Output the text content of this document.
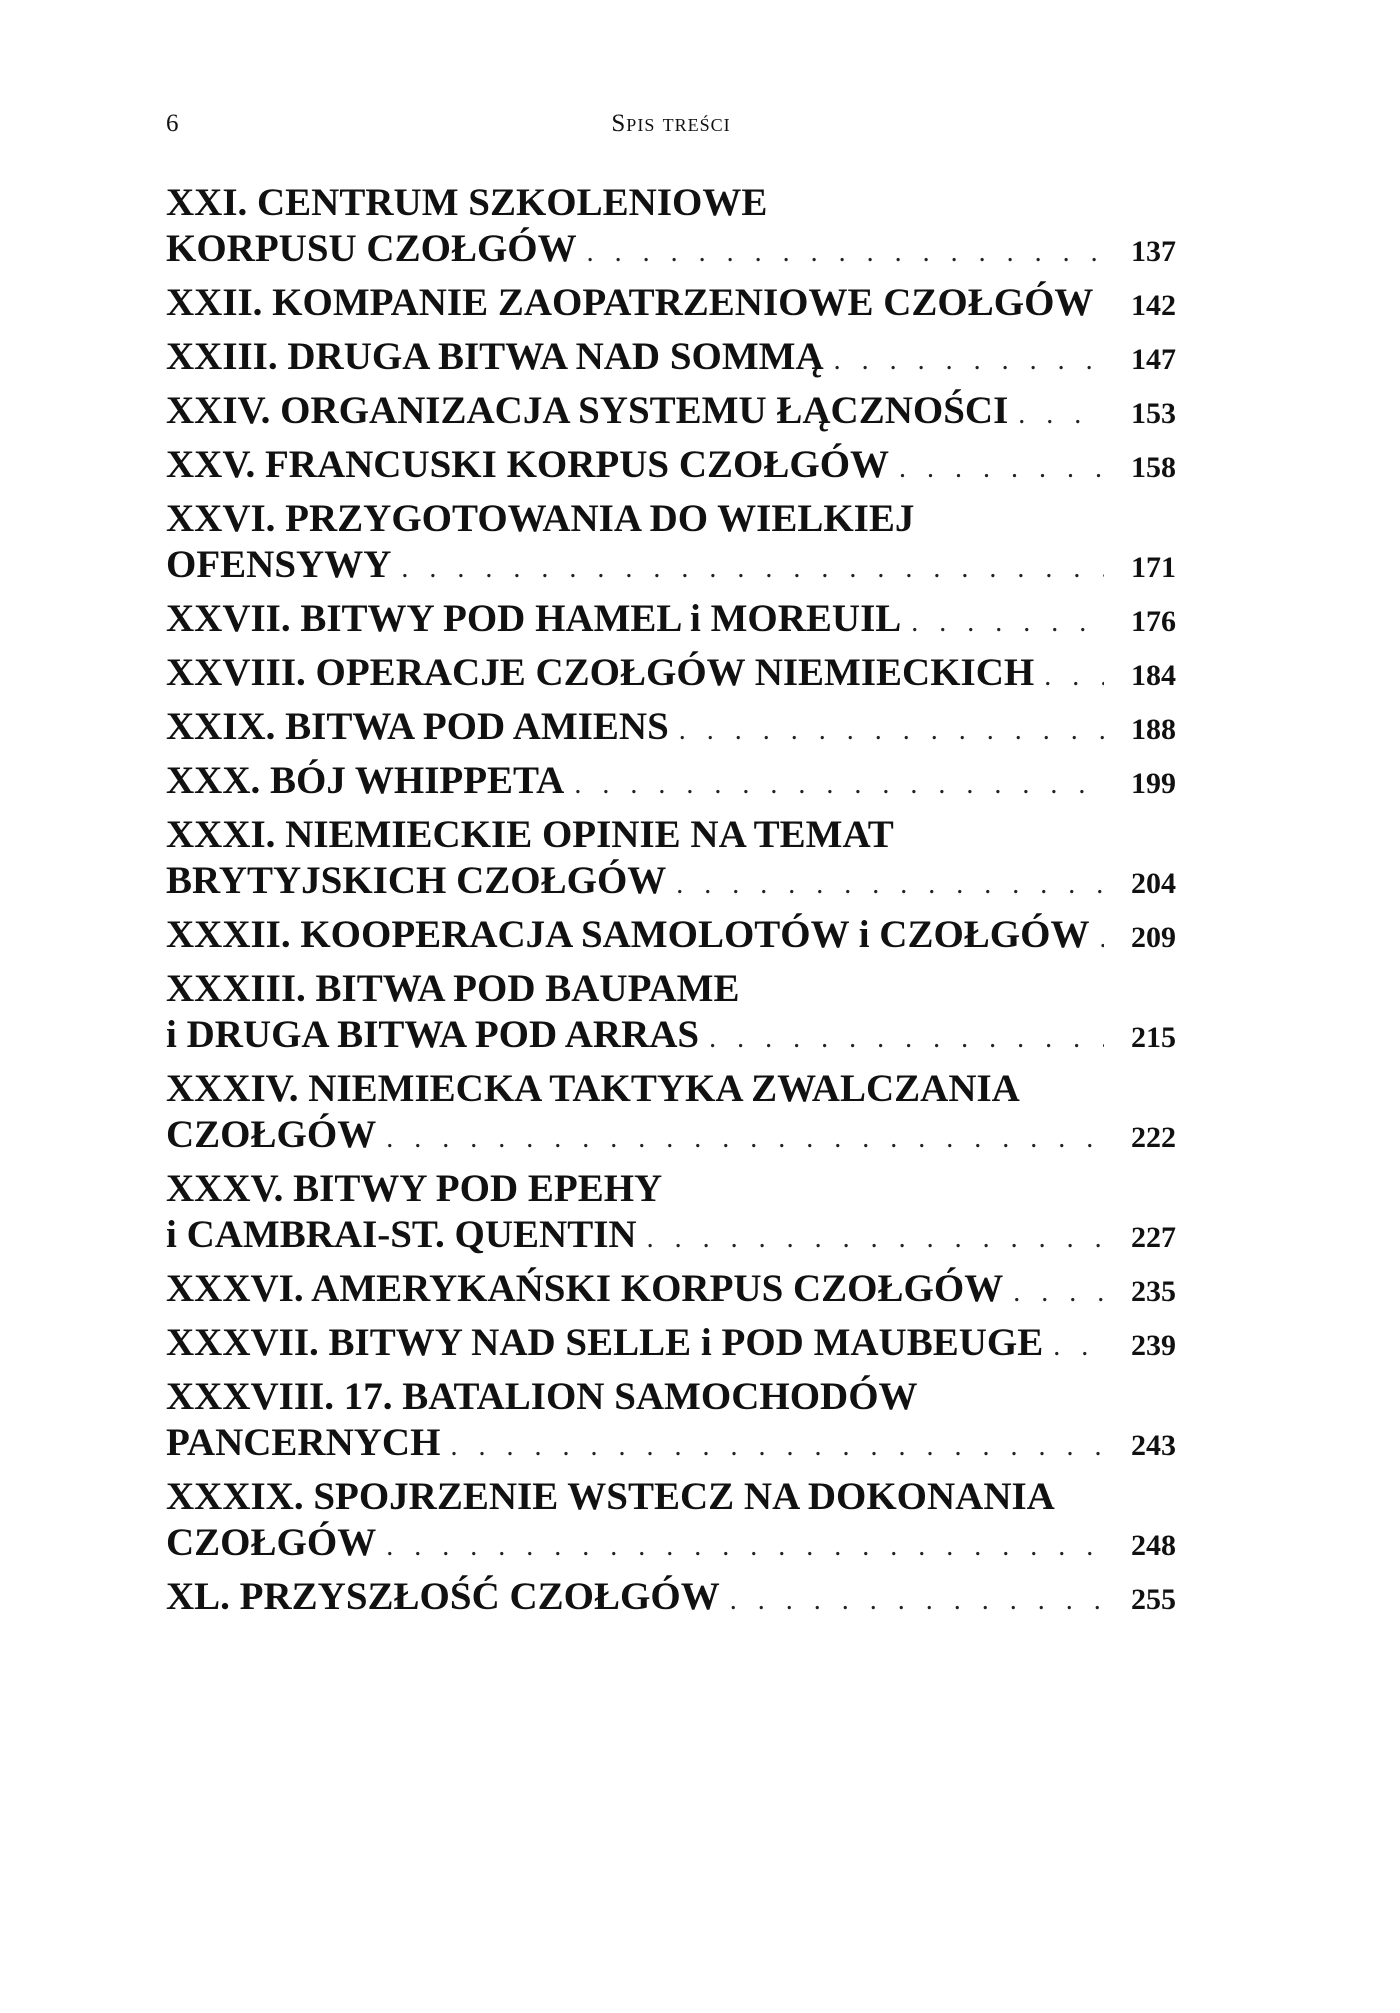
6	Spis treści
XXI. CENTRUM SZKOLENIOWE
KORPUSU CZOŁGÓW . . .	137
XXII. KOMPANIE ZAOPATRZENIOWE CZOŁGÓW . . .	142
XXIII. DRUGA BITWA NAD SOMMĄ . . .	147
XXIV. ORGANIZACJA SYSTEMU ŁĄCZNOŚCI . . .	153
XXV. FRANCUSKI KORPUS CZOŁGÓW . . .	158
XXVI. PRZYGOTOWANIA DO WIELKIEJ
OFENSYWY . . .	171
XXVII. BITWY POD HAMEL i MOREUIL . . .	176
XXVIII. OPERACJE CZOŁGÓW NIEMIECKICH . . .	184
XXIX. BITWA POD AMIENS . . .	188
XXX. BÓJ WHIPPETA . . .	199
XXXI. NIEMIECKIE OPINIE NA TEMAT
BRYTYJSKICH CZOŁGÓW . . .	204
XXXII. KOOPERACJA SAMOLOTÓW i CZOŁGÓW . . .	209
XXXIII. BITWA POD BAUPAME
i DRUGA BITWA POD ARRAS . . .	215
XXXIV. NIEMIECKA TAKTYKA ZWALCZANIA
CZOŁGÓW . . .	222
XXXV. BITWY POD EPEHY
i CAMBRAI-ST. QUENTIN . . .	227
XXXVI. AMERYKAŃSKI KORPUS CZOŁGÓW . . .	235
XXXVII. BITWY NAD SELLE i POD MAUBEUGE . . .	239
XXXVIII. 17. BATALION SAMOCHODÓW
PANCERNYCH . . .	243
XXXIX. SPOJRZENIE WSTECZ NA DOKONANIA
CZOŁGÓW . . .	248
XL. PRZYSZŁOŚĆ CZOŁGÓW . . .	255
